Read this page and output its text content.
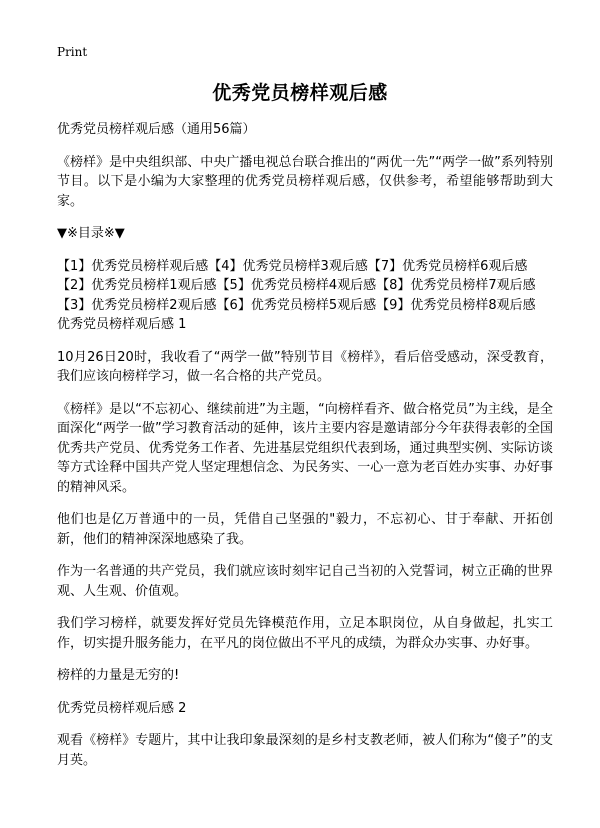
Print
优秀党员榜样观后感

优秀党员榜样观后感（通用56篇）

《榜样》是中央组织部、中央广播电视总台联合推出的“两优一先”“两学一做”系列特别节目。以下是小编为大家整理的优秀党员榜样观后感，仅供参考，希望能够帮助到大家。

▼※目录※▼

【1】优秀党员榜样观后感【4】优秀党员榜样3观后感【7】优秀党员榜样6观后感
【2】优秀党员榜样1观后感【5】优秀党员榜样4观后感【8】优秀党员榜样7观后感
【3】优秀党员榜样2观后感【6】优秀党员榜样5观后感【9】优秀党员榜样8观后感

优秀党员榜样观后感 1

10月26日20时，我收看了“两学一做”特别节目《榜样》，看后倍受感动，深受教育，我们应该向榜样学习，做一名合格的共产党员。

《榜样》是以“不忘初心、继续前进”为主题，“向榜样看齐、做合格党员”为主线，是全面深化“两学一做”学习教育活动的延伸，该片主要内容是邀请部分今年获得表彰的全国优秀共产党员、优秀党务工作者、先进基层党组织代表到场，通过典型实例、实际访谈等方式诠释中国共产党人坚定理想信念、为民务实、一心一意为老百姓办实事、办好事的精神风采。

他们也是亿万普通中的一员，凭借自己坚强的"毅力，不忘初心、甘于奉献、开拓创新，他们的精神深深地感染了我。

作为一名普通的共产党员，我们就应该时刻牢记自己当初的入党誓词，树立正确的世界观、人生观、价值观。

我们学习榜样，就要发挥好党员先锋模范作用，立足本职岗位，从自身做起，扎实工作，切实提升服务能力，在平凡的岗位做出不平凡的成绩，为群众办实事、办好事。

榜样的力量是无穷的!

优秀党员榜样观后感 2

观看《榜样》专题片，其中让我印象最深刻的是乡村支教老师，被人们称为“傻子”的支月英。
